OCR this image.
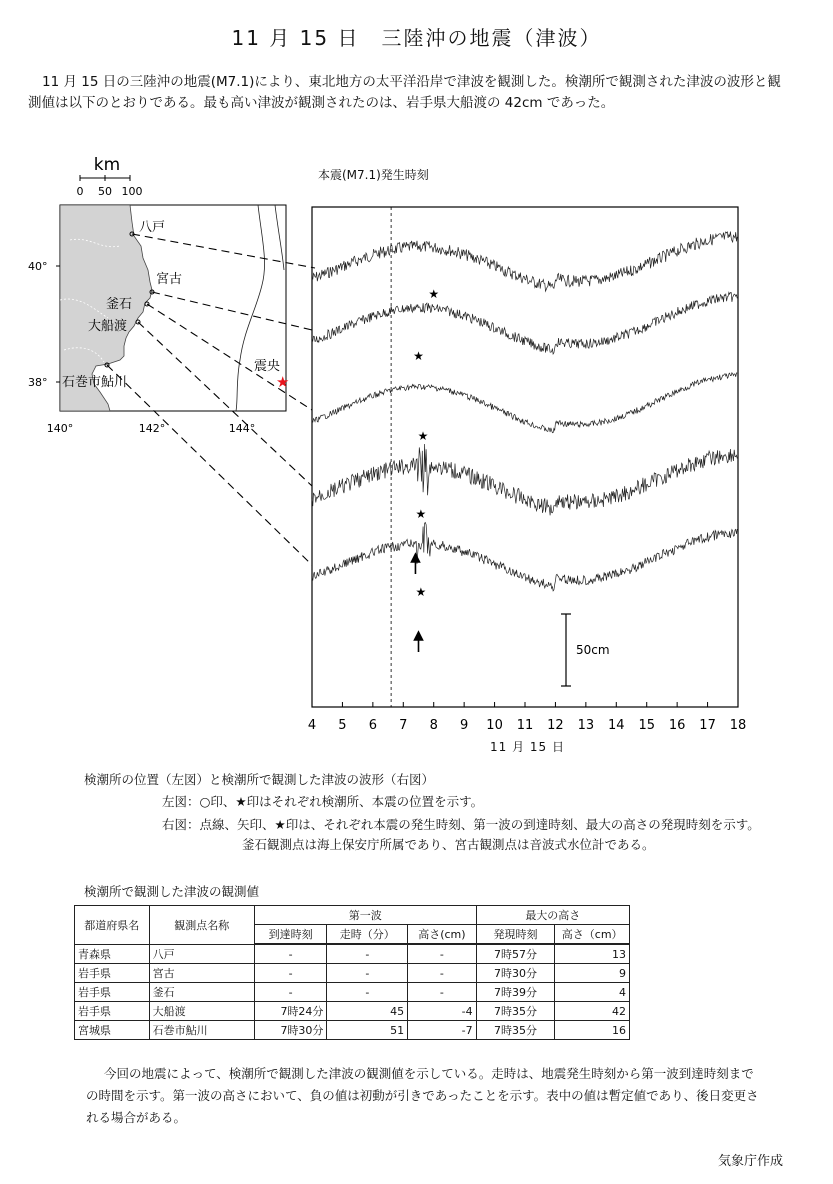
11 月 15 日　三陸沖の地震（津波）

11 月 15 日の三陸沖の地震(M7.1)により、東北地方の太平洋沿岸で津波を観測した。検潮所で観測された津波の波形と観測値は以下のとおりである。最も高い津波が観測されたのは、岩手県大船渡の 42cm であった。

本震(M7.1)発生時刻
km
0 50 100
40°
38°
140°	142°	144°
八戸
宮古
釜石
大船渡
石巻市鮎川
震央
★
4 5 6 7 8 9 10 11 12 13 14 15 16 17 18
★
★
★
★
★
50cm
11 月 15 日
検潮所の位置（左図）と検潮所で観測した津波の波形（右図）
左図：○印、★印はそれぞれ検潮所、本震の位置を示す。
右図：点線、矢印、★印は、それぞれ本震の発生時刻、第一波の到達時刻、最大の高さの発現時刻を示す。
釜石観測点は海上保安庁所属であり、宮古観測点は音波式水位計である。
検潮所で観測した津波の観測値
都道府県名	観測点名称	第一波			最大の高さ	
		到達時刻	走時（分）	高さ(cm)	発現時刻	高さ（cm）
青森県	八戸	-	-	-	7時57分	13
岩手県	宮古	-	-	-	7時30分	9
岩手県	釜石	-	-	-	7時39分	4
岩手県	大船渡	7時24分	45	-4	7時35分	42
宮城県	石巻市鮎川	7時30分	51	-7	7時35分	16

今回の地震によって、検潮所で観測した津波の観測値を示している。走時は、地震発生時刻から第一波到達時刻までの時間を示す。第一波の高さにおいて、負の値は初動が引きであったことを示す。表中の値は暫定値であり、後日変更される場合がある。

気象庁作成
